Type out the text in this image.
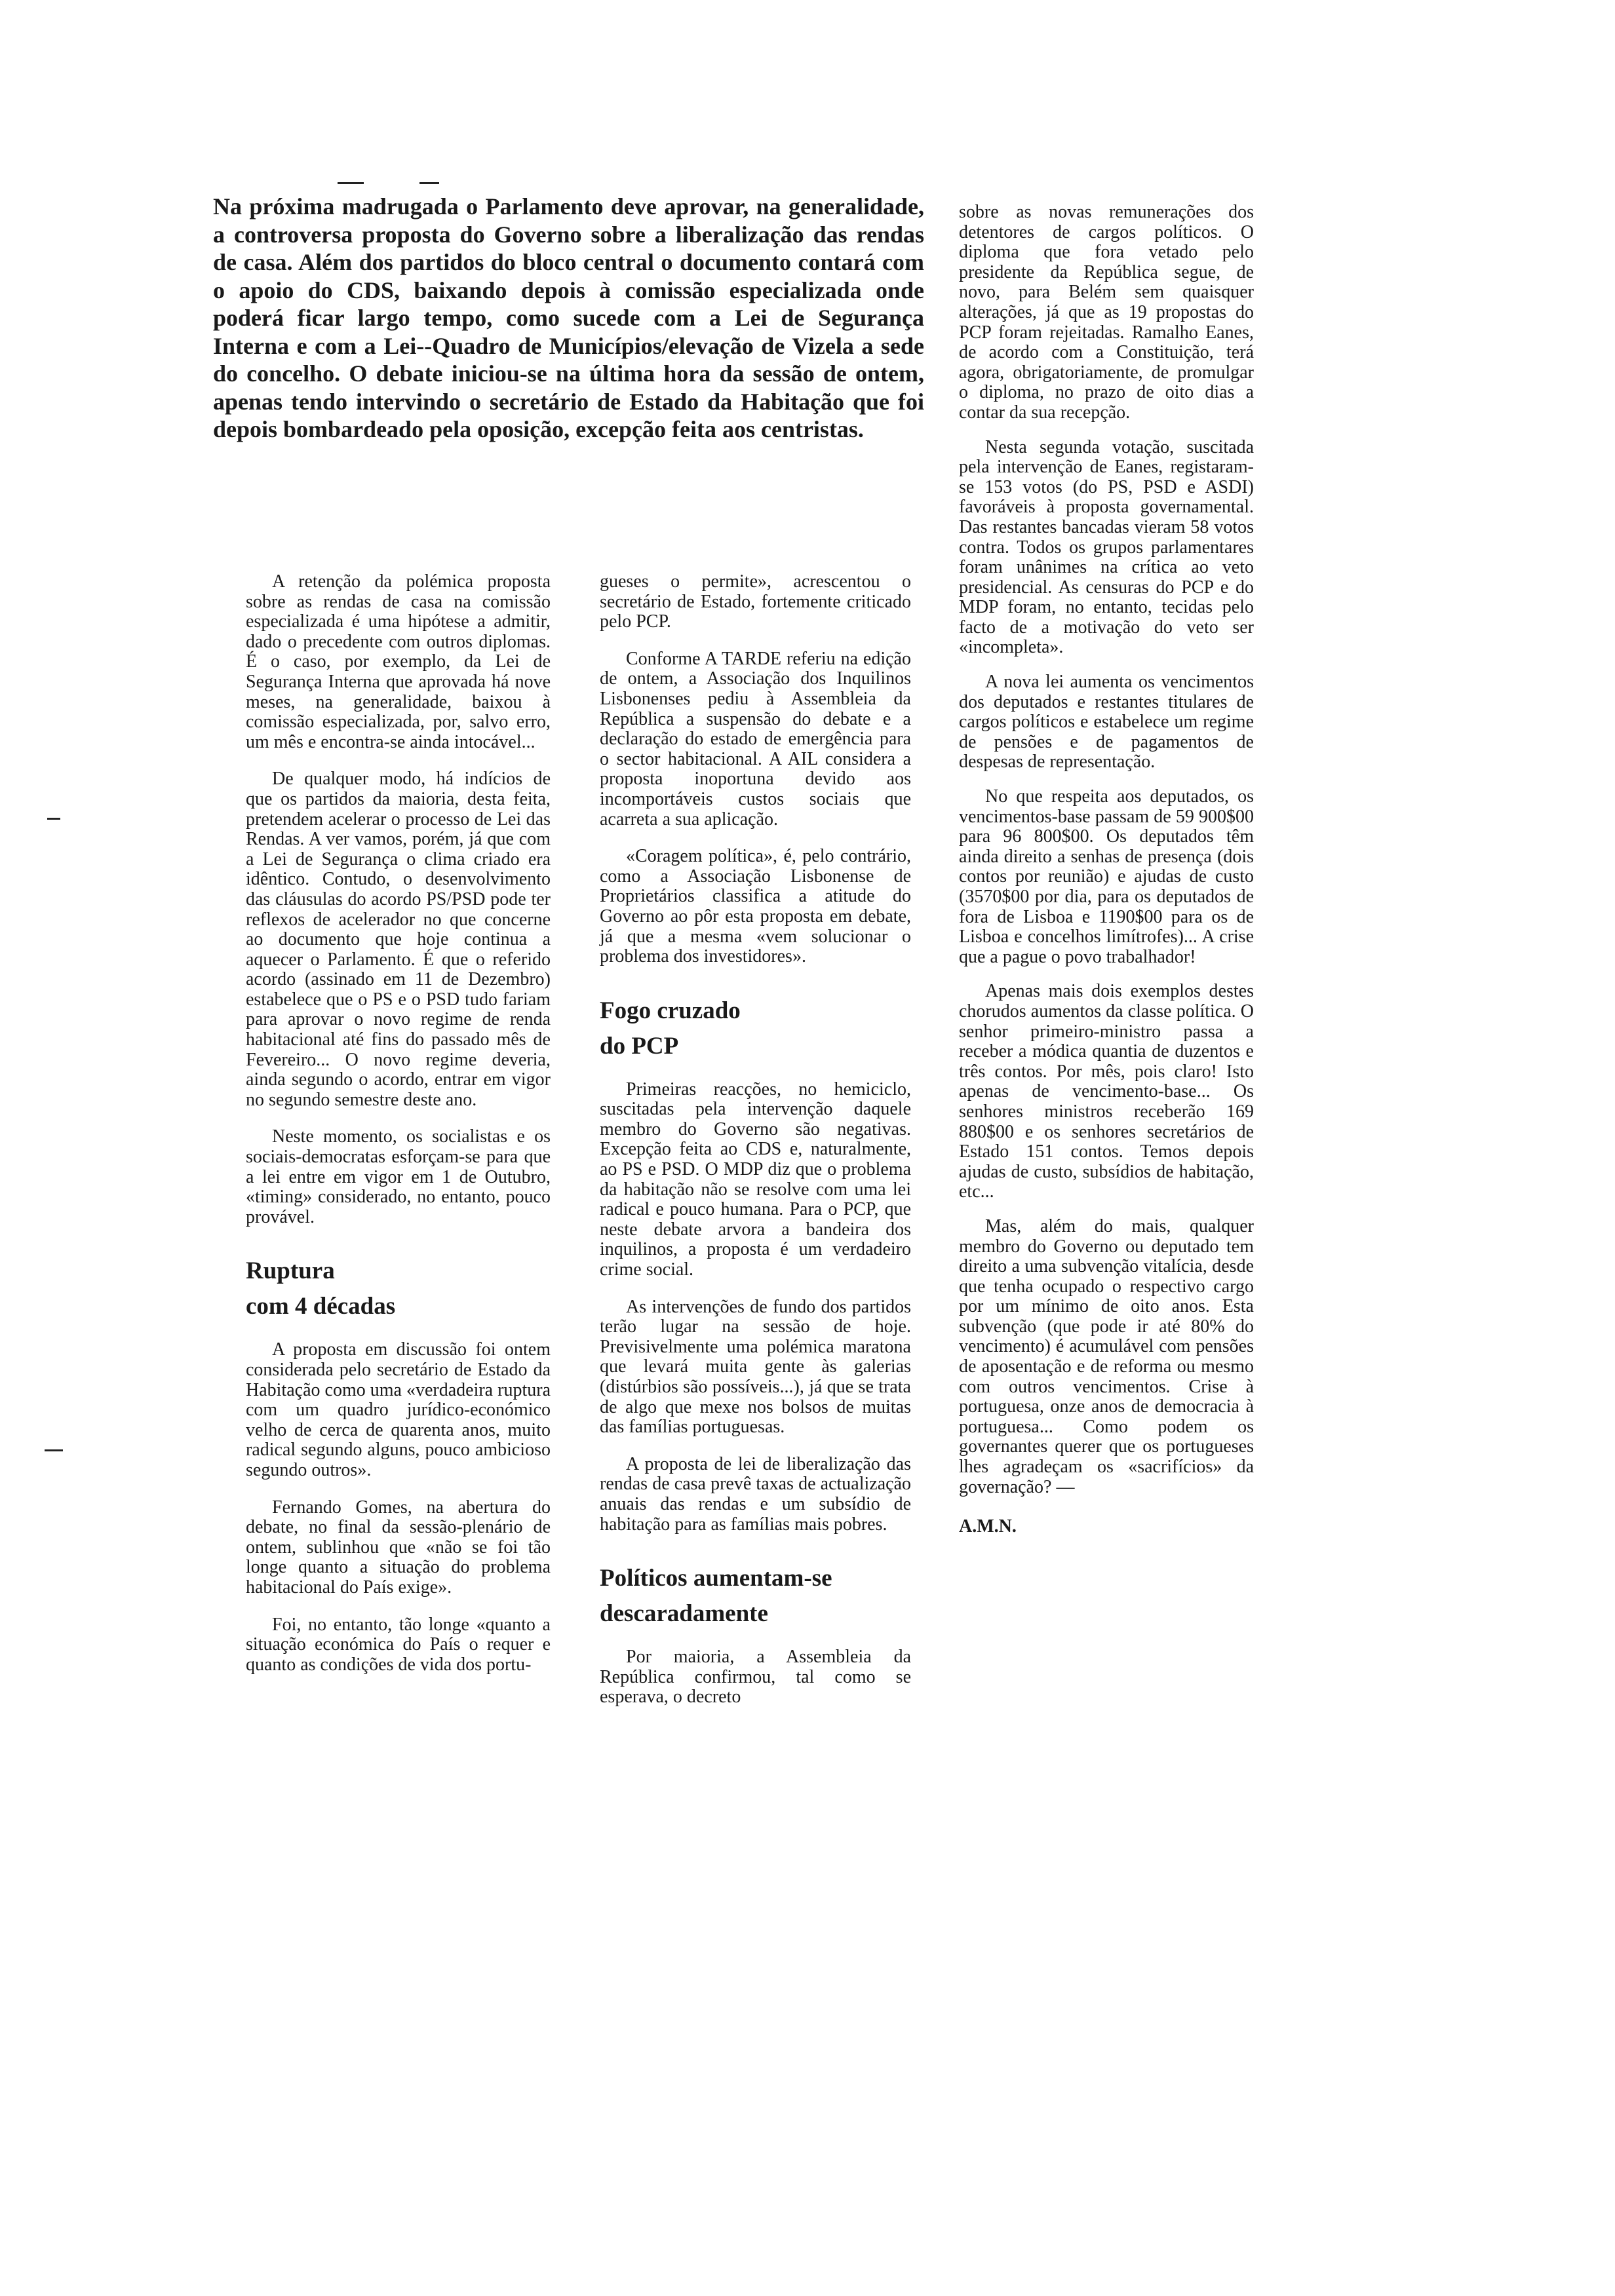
Na próxima madrugada o Parlamento deve aprovar, na generalidade, a controversa proposta do Governo sobre a liberalização das rendas de casa. Além dos partidos do bloco central o documento contará com o apoio do CDS, baixando depois à comissão especializada onde poderá ficar largo tempo, como sucede com a Lei de Segurança Interna e com a Lei--Quadro de Municípios/elevação de Vizela a sede do concelho. O debate iniciou-se na última hora da sessão de ontem, apenas tendo intervindo o secretário de Estado da Habitação que foi depois bombardeado pela oposição, excepção feita aos centristas.

A retenção da polémica proposta sobre as rendas de casa na comissão especializada é uma hipótese a admitir, dado o precedente com outros diplomas. É o caso, por exemplo, da Lei de Segurança Interna que aprovada há nove meses, na generalidade, baixou à comissão especializada, por, salvo erro, um mês e encontra-se ainda intocável...

De qualquer modo, há indícios de que os partidos da maioria, desta feita, pretendem acelerar o processo de Lei das Rendas. A ver vamos, porém, já que com a Lei de Segurança o clima criado era idêntico. Contudo, o desenvolvimento das cláusulas do acordo PS/PSD pode ter reflexos de acelerador no que concerne ao documento que hoje continua a aquecer o Parlamento. É que o referido acordo (assinado em 11 de Dezembro) estabelece que o PS e o PSD tudo fariam para aprovar o novo regime de renda habitacional até fins do passado mês de Fevereiro... O novo regime deveria, ainda segundo o acordo, entrar em vigor no segundo semestre deste ano.

Neste momento, os socialistas e os sociais-democratas esforçam-se para que a lei entre em vigor em 1 de Outubro, «timing» considerado, no entanto, pouco provável.

Ruptura
com 4 décadas

A proposta em discussão foi ontem considerada pelo secretário de Estado da Habitação como uma «verdadeira ruptura com um quadro jurídico-económico velho de cerca de quarenta anos, muito radical segundo alguns, pouco ambicioso segundo outros».

Fernando Gomes, na abertura do debate, no final da sessão-plenário de ontem, sublinhou que «não se foi tão longe quanto a situação do problema habitacional do País exige».

Foi, no entanto, tão longe «quanto a situação económica do País o requer e quanto as condições de vida dos portu-

gueses o permite», acrescentou o secretário de Estado, fortemente criticado pelo PCP.

Conforme A TARDE referiu na edição de ontem, a Associação dos Inquilinos Lisbonenses pediu à Assembleia da República a suspensão do debate e a declaração do estado de emergência para o sector habitacional. A AIL considera a proposta inoportuna devido aos incomportáveis custos sociais que acarreta a sua aplicação.

«Coragem política», é, pelo contrário, como a Associação Lisbonense de Proprietários classifica a atitude do Governo ao pôr esta proposta em debate, já que a mesma «vem solucionar o problema dos investidores».

Fogo cruzado
do PCP

Primeiras reacções, no hemiciclo, suscitadas pela intervenção daquele membro do Governo são negativas. Excepção feita ao CDS e, naturalmente, ao PS e PSD. O MDP diz que o problema da habitação não se resolve com uma lei radical e pouco humana. Para o PCP, que neste debate arvora a bandeira dos inquilinos, a proposta é um verdadeiro crime social.

As intervenções de fundo dos partidos terão lugar na sessão de hoje. Previsivelmente uma polémica maratona que levará muita gente às galerias (distúrbios são possíveis...), já que se trata de algo que mexe nos bolsos de muitas das famílias portuguesas.

A proposta de lei de liberalização das rendas de casa prevê taxas de actualização anuais das rendas e um subsídio de habitação para as famílias mais pobres.

Políticos aumentam-se
descaradamente

Por maioria, a Assembleia da República confirmou, tal como se esperava, o decreto

sobre as novas remunerações dos detentores de cargos políticos. O diploma que fora vetado pelo presidente da República segue, de novo, para Belém sem quaisquer alterações, já que as 19 propostas do PCP foram rejeitadas. Ramalho Eanes, de acordo com a Constituição, terá agora, obrigatoriamente, de promulgar o diploma, no prazo de oito dias a contar da sua recepção.

Nesta segunda votação, suscitada pela intervenção de Eanes, registaram-se 153 votos (do PS, PSD e ASDI) favoráveis à proposta governamental. Das restantes bancadas vieram 58 votos contra. Todos os grupos parlamentares foram unânimes na crítica ao veto presidencial. As censuras do PCP e do MDP foram, no entanto, tecidas pelo facto de a motivação do veto ser «incompleta».

A nova lei aumenta os vencimentos dos deputados e restantes titulares de cargos políticos e estabelece um regime de pensões e de pagamentos de despesas de representação.

No que respeita aos deputados, os vencimentos-base passam de 59 900$00 para 96 800$00. Os deputados têm ainda direito a senhas de presença (dois contos por reunião) e ajudas de custo (3570$00 por dia, para os deputados de fora de Lisboa e 1190$00 para os de Lisboa e concelhos limítrofes)... A crise que a pague o povo trabalhador!

Apenas mais dois exemplos destes chorudos aumentos da classe política. O senhor primeiro-ministro passa a receber a módica quantia de duzentos e três contos. Por mês, pois claro! Isto apenas de vencimento-base... Os senhores ministros receberão 169 880$00 e os senhores secretários de Estado 151 contos. Temos depois ajudas de custo, subsídios de habitação, etc...

Mas, além do mais, qualquer membro do Governo ou deputado tem direito a uma subvenção vitalícia, desde que tenha ocupado o respectivo cargo por um mínimo de oito anos. Esta subvenção (que pode ir até 80% do vencimento) é acumulável com pensões de aposentação e de reforma ou mesmo com outros vencimentos. Crise à portuguesa, onze anos de democracia à portuguesa... Como podem os governantes querer que os portugueses lhes agradeçam os «sacrifícios» da governação? —

A.M.N.
